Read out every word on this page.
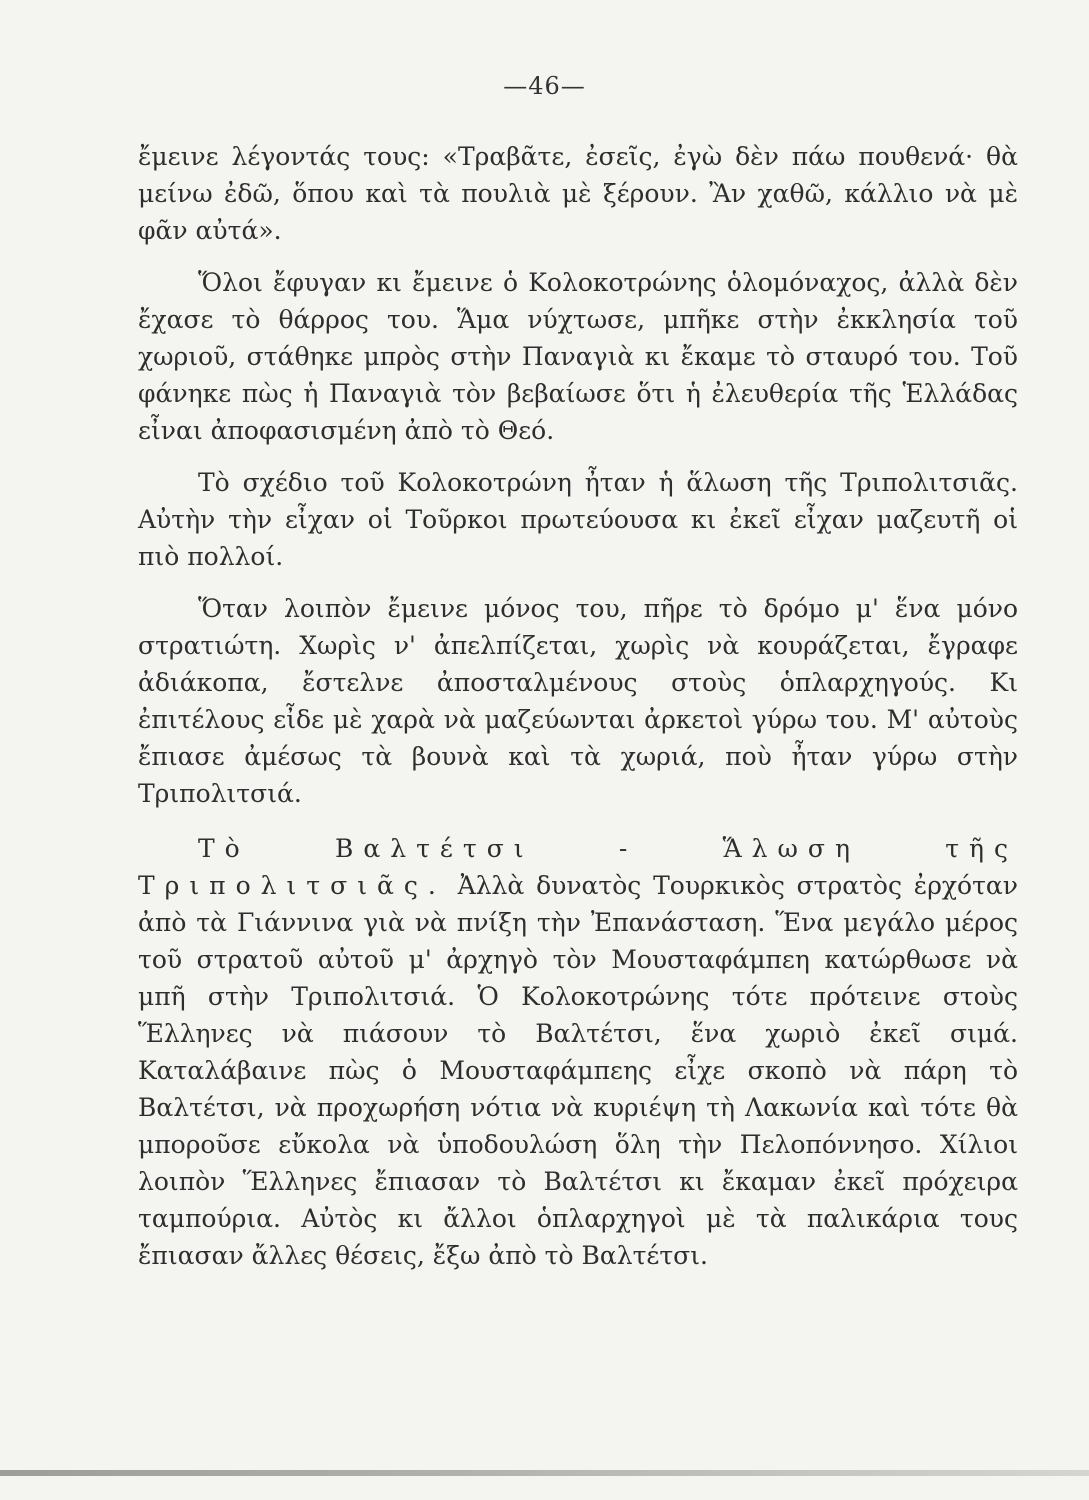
—46—

ἔμεινε λέγοντάς τους: «Τραβᾶτε, ἐσεῖς, ἐγὼ δὲν πάω πουθενά· θὰ μείνω ἐδῶ, ὅπου καὶ τὰ πουλιὰ μὲ ξέρουν. Ἂν χαθῶ, κάλλιο νὰ μὲ φᾶν αὐτά».

Ὅλοι ἔφυγαν κι ἔμεινε ὁ Κολοκοτρώνης ὁλομόναχος, ἀλλὰ δὲν ἔχασε τὸ θάρρος του. Ἅμα νύχτωσε, μπῆκε στὴν ἐκκλησία τοῦ χωριοῦ, στάθηκε μπρὸς στὴν Παναγιὰ κι ἔκαμε τὸ σταυρό του. Τοῦ φάνηκε πὼς ἡ Παναγιὰ τὸν βεβαίωσε ὅτι ἡ ἐλευθερία τῆς Ἑλλάδας εἶναι ἀποφασισμένη ἀπὸ τὸ Θεό.

Τὸ σχέδιο τοῦ Κολοκοτρώνη ἦταν ἡ ἅλωση τῆς Τριπολιτσιᾶς. Αὐτὴν τὴν εἶχαν οἱ Τοῦρκοι πρωτεύουσα κι ἐκεῖ εἶχαν μαζευτῆ οἱ πιὸ πολλοί.

Ὅταν λοιπὸν ἔμεινε μόνος του, πῆρε τὸ δρόμο μ' ἕνα μόνο στρατιώτη. Χωρὶς ν' ἀπελπίζεται, χωρὶς νὰ κουράζεται, ἔγραφε ἀδιάκοπα, ἔστελνε ἀποσταλμένους στοὺς ὁπλαρχηγούς. Κι ἐπιτέλους εἶδε μὲ χαρὰ νὰ μαζεύωνται ἀρκετοὶ γύρω του. Μ' αὐτοὺς ἔπιασε ἀμέσως τὰ βουνὰ καὶ τὰ χωριά, ποὺ ἦταν γύρω στὴν Τριπολιτσιά.

Τὸ Βαλτέτσι - Ἅλωση τῆς Τριπολιτσιᾶς. Ἀλλὰ δυνατὸς Τουρκικὸς στρατὸς ἐρχόταν ἀπὸ τὰ Γιάννινα γιὰ νὰ πνίξη τὴν Ἐπανάσταση. Ἕνα μεγάλο μέρος τοῦ στρατοῦ αὐτοῦ μ' ἀρχηγὸ τὸν Μουσταφάμπεη κατώρθωσε νὰ μπῆ στὴν Τριπολιτσιά. Ὁ Κολοκοτρώνης τότε πρότεινε στοὺς Ἕλληνες νὰ πιάσουν τὸ Βαλτέτσι, ἕνα χωριὸ ἐκεῖ σιμά. Καταλάβαινε πὼς ὁ Μουσταφάμπεης εἶχε σκοπὸ νὰ πάρη τὸ Βαλτέτσι, νὰ προχωρήση νότια νὰ κυριέψη τὴ Λακωνία καὶ τότε θὰ μποροῦσε εὔκολα νὰ ὑποδουλώση ὅλη τὴν Πελοπόννησο. Χίλιοι λοιπὸν Ἕλληνες ἔπιασαν τὸ Βαλτέτσι κι ἔκαμαν ἐκεῖ πρόχειρα ταμπούρια. Αὐτὸς κι ἄλλοι ὁπλαρχηγοὶ μὲ τὰ παλικάρια τους ἔπιασαν ἄλλες θέσεις, ἔξω ἀπὸ τὸ Βαλτέτσι.
